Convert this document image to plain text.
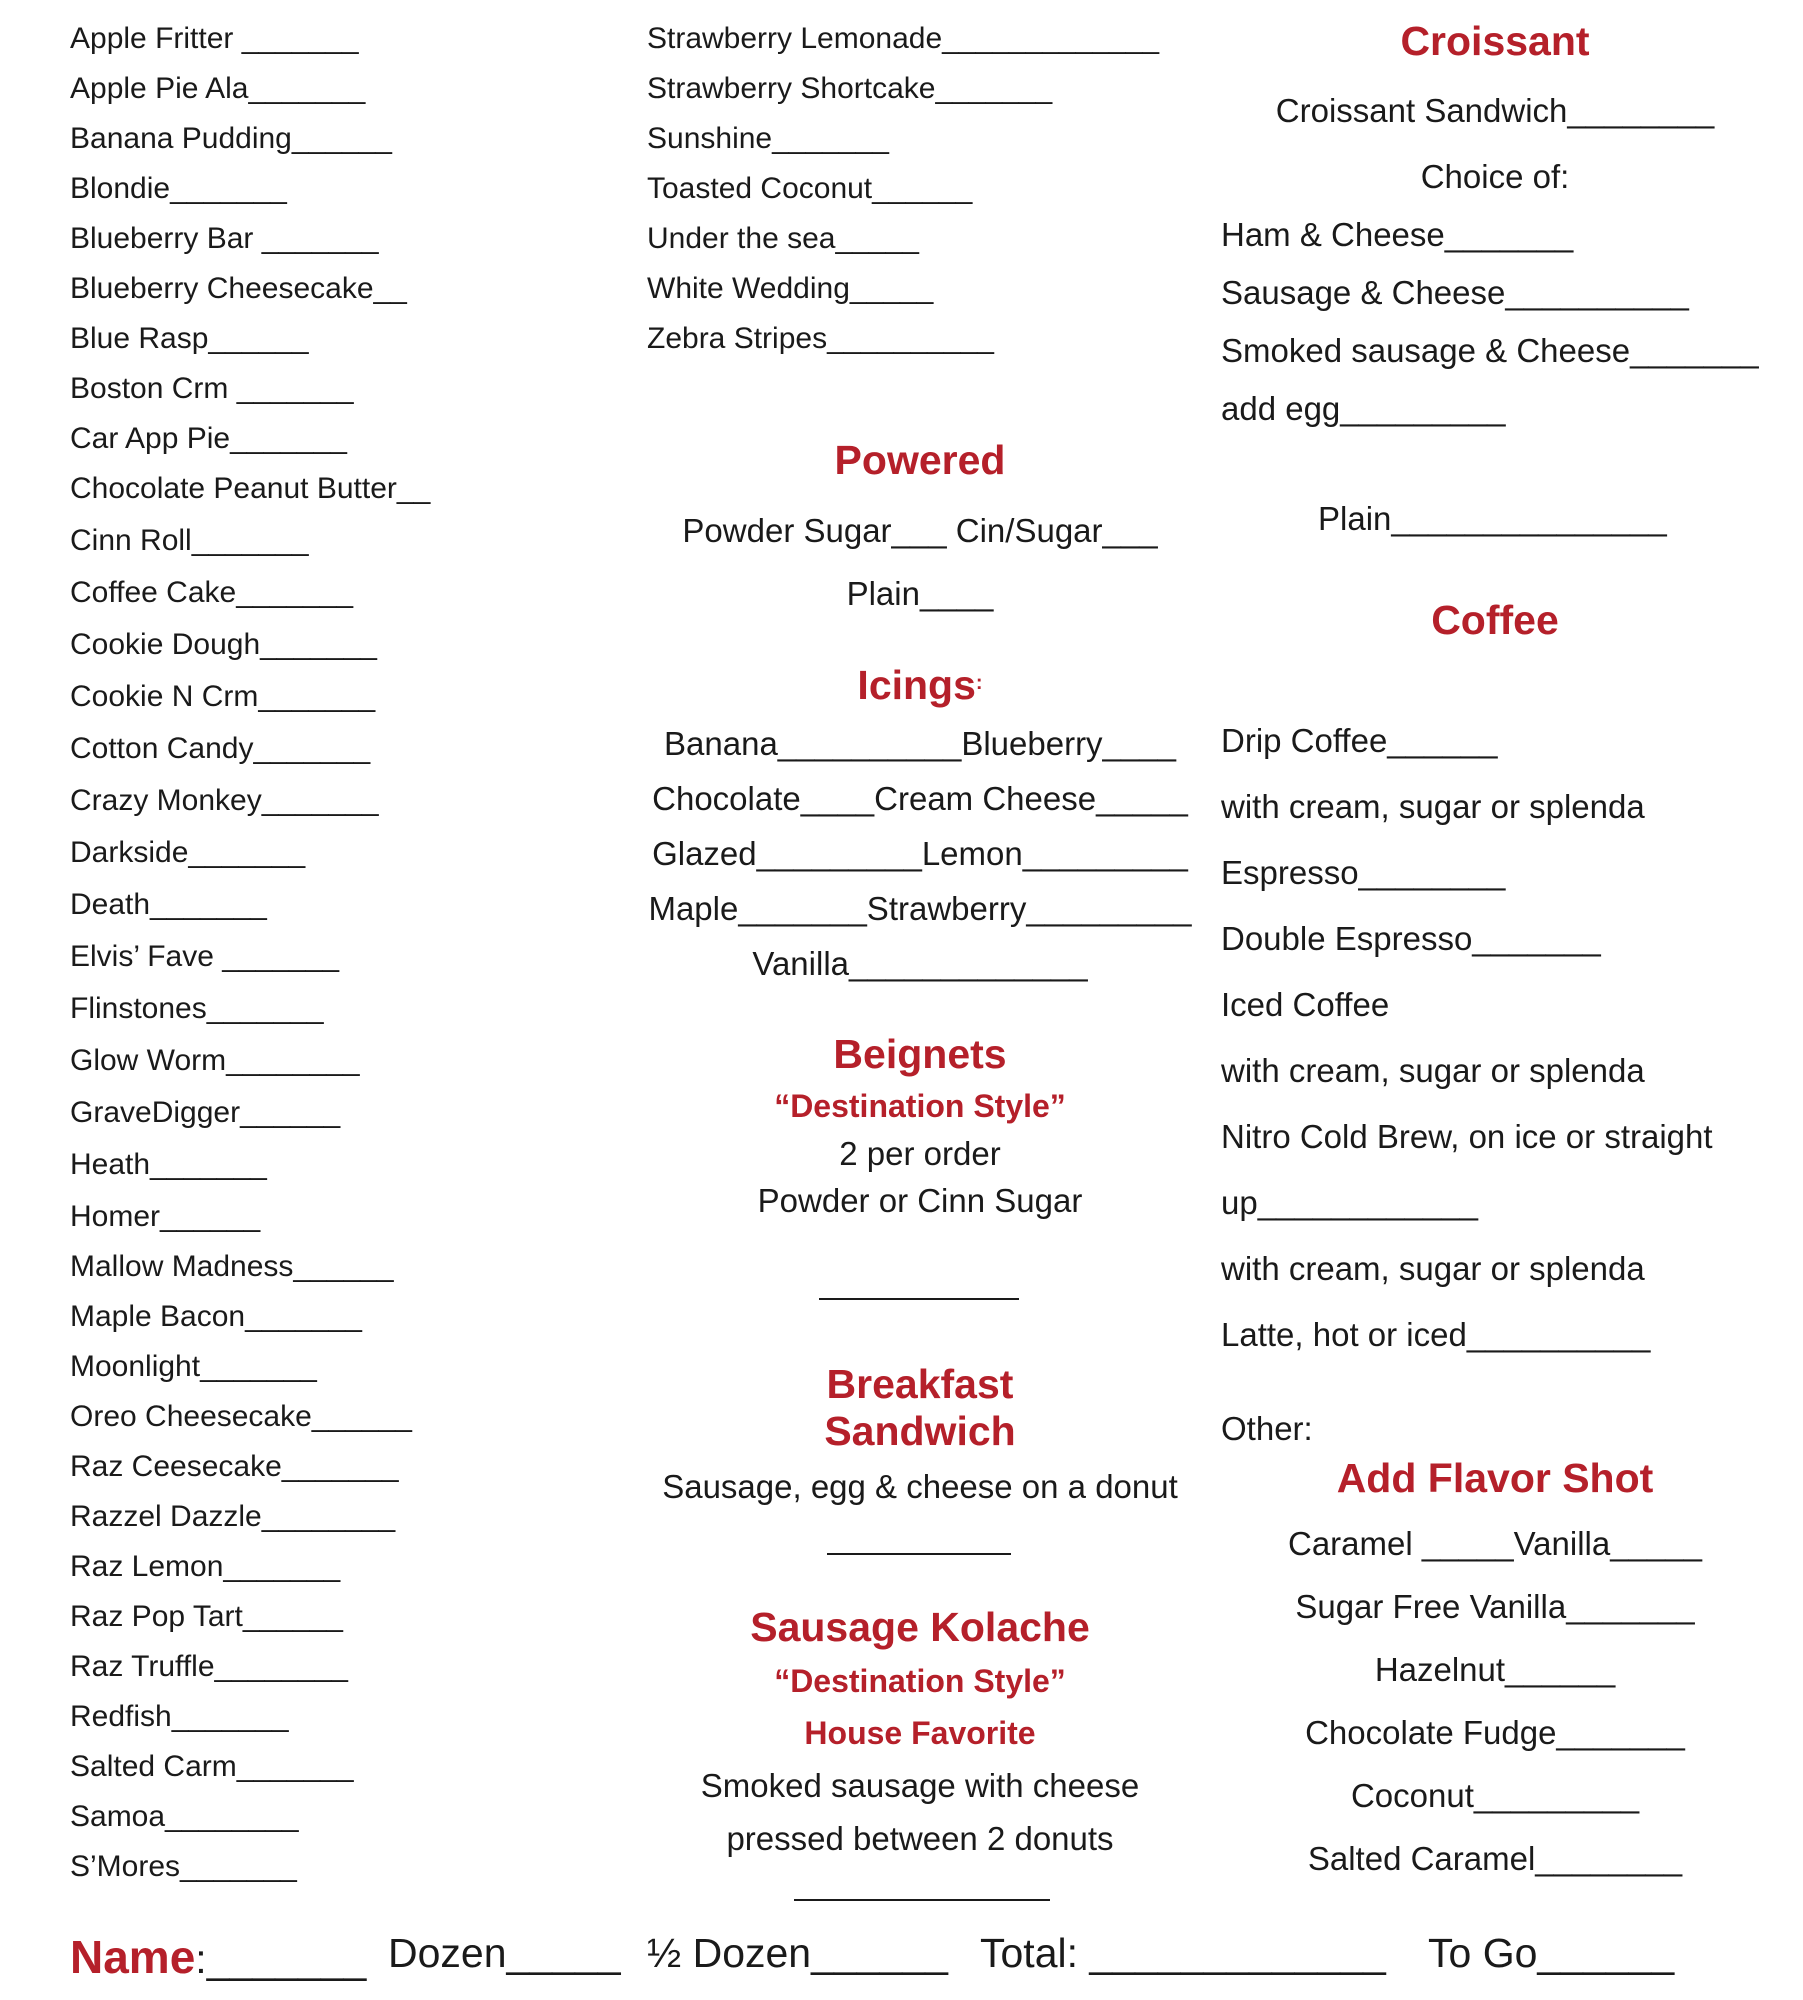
Apple Fritter _______
Apple Pie Ala_______
Banana Pudding______
Blondie_______
Blueberry Bar _______
Blueberry Cheesecake__
Blue Rasp______
Boston Crm _______
Car App Pie_______
Chocolate Peanut Butter__
Cinn Roll_______
Coffee Cake_______
Cookie Dough_______
Cookie N Crm_______
Cotton Candy_______
Crazy Monkey_______
Darkside_______
Death_______
Elvis’ Fave _______
Flinstones_______
Glow Worm________
GraveDigger______
Heath_______
Homer______
Mallow Madness______
Maple Bacon_______
Moonlight_______
Oreo Cheesecake______
Raz Ceesecake_______
Razzel Dazzle________
Raz Lemon_______
Raz Pop Tart______
Raz Truffle________
Redfish_______
Salted Carm_______
Samoa________
S’Mores_______
Strawberry Lemonade_____________
Strawberry Shortcake_______
Sunshine_______
Toasted Coconut______
Under the sea_____
White Wedding_____
Zebra Stripes__________
Powered
Powder Sugar___ Cin/Sugar___
Plain____
Icings:
Banana__________Blueberry____
Chocolate____Cream Cheese_____
Glazed_________Lemon_________
Maple_______Strawberry_________
Vanilla_____________
Beignets
“Destination Style”
2 per order
Powder or Cinn Sugar
Breakfast
Sandwich
Sausage, egg & cheese on a donut
Sausage Kolache
“Destination Style”
House Favorite
Smoked sausage with cheese
pressed between 2 donuts
Croissant
Croissant Sandwich________
Choice of:
Ham & Cheese_______
Sausage & Cheese__________
Smoked sausage & Cheese_______
add egg_________
Plain_______________
Coffee
Drip Coffee______
with cream, sugar or splenda
Espresso________
Double Espresso_______
Iced Coffee
with cream, sugar or splenda
Nitro Cold Brew, on ice or straight
up____________
with cream, sugar or splenda
Latte, hot or iced__________
Other:
Add Flavor Shot
Caramel _____Vanilla_____
Sugar Free Vanilla_______
Hazelnut______
Chocolate Fudge_______
Coconut_________
Salted Caramel________
Name:_______ Dozen_____ ½ Dozen______ Total: _____________ To Go______
